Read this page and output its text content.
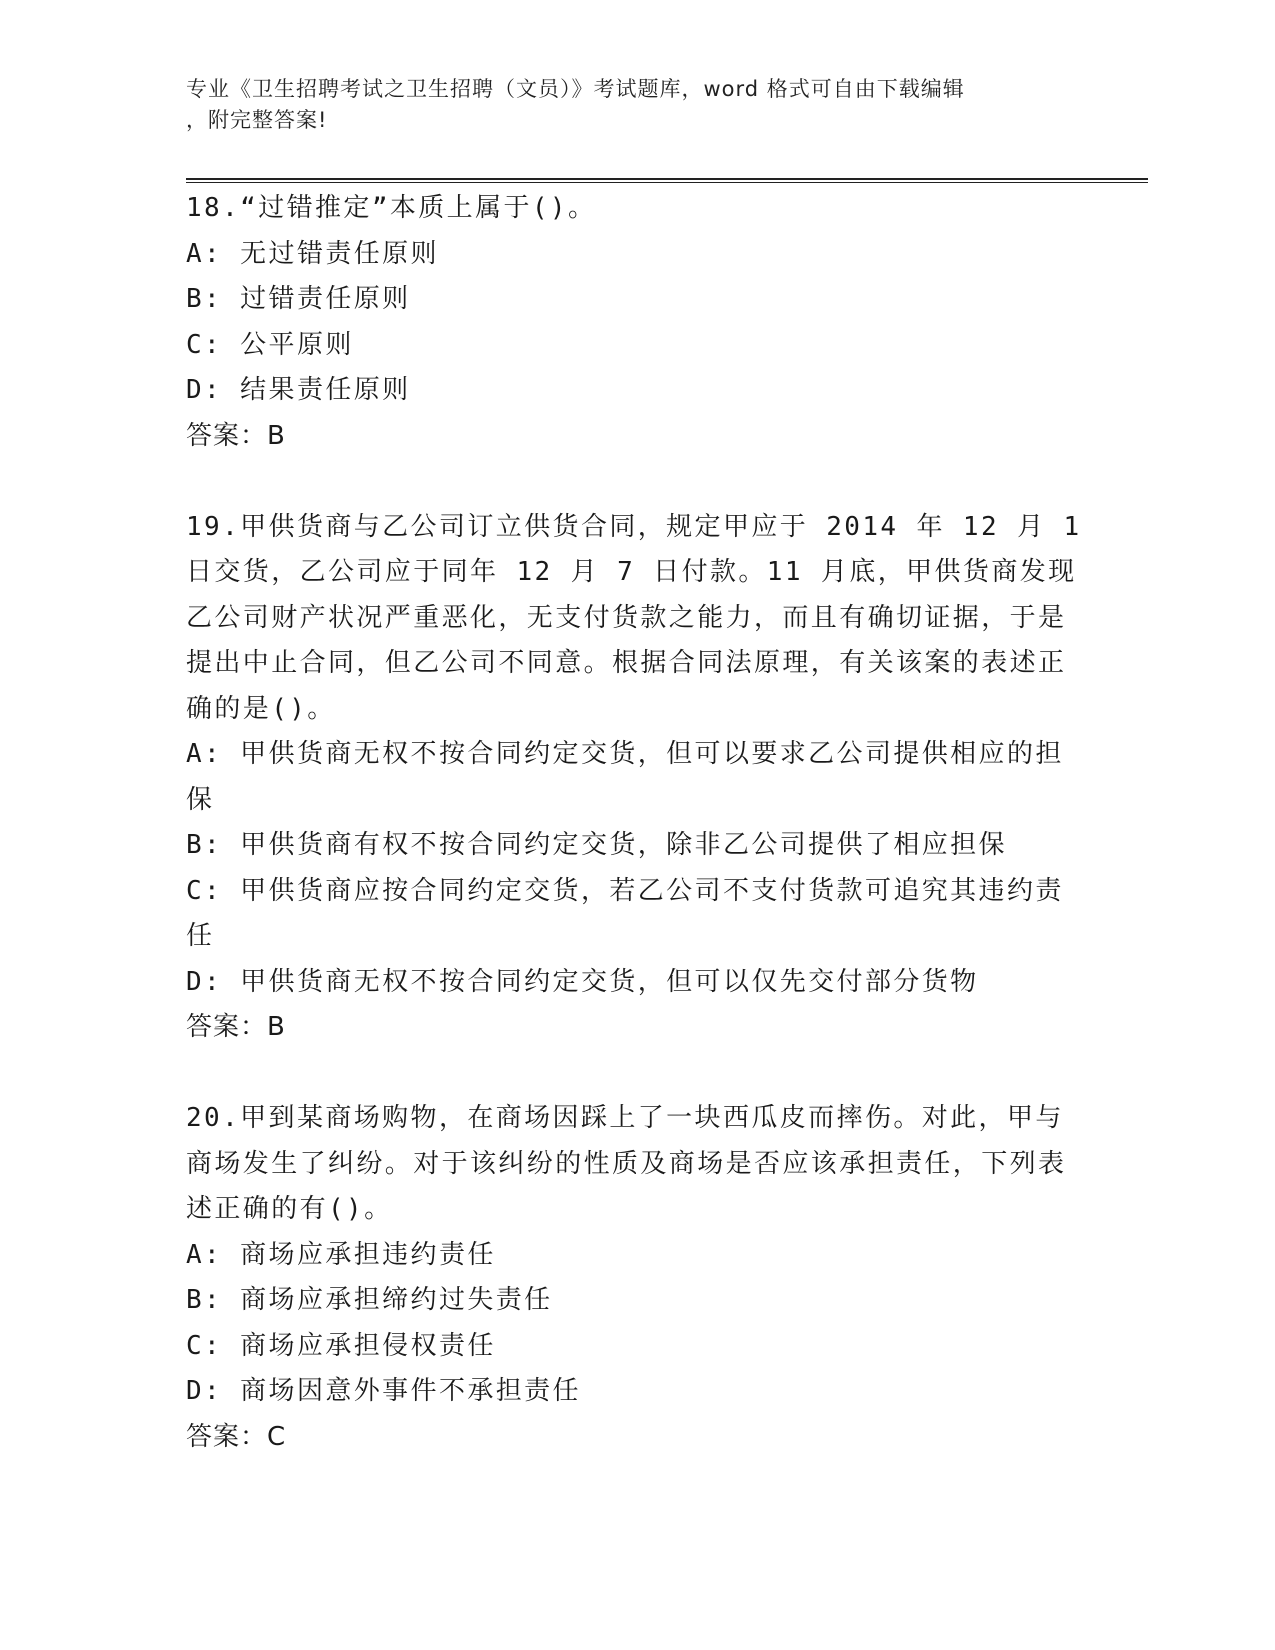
专业《卫生招聘考试之卫生招聘（文员）》考试题库，word 格式可自由下载编辑
，附完整答案!

18.“过错推定”本质上属于()。

A: 无过错责任原则

B: 过错责任原则

C: 公平原则

D: 结果责任原则

答案：B

19.甲供货商与乙公司订立供货合同，规定甲应于 2014 年 12 月 1 日交货，乙公司应于同年 12 月 7 日付款。11 月底，甲供货商发现乙公司财产状况严重恶化，无支付货款之能力，而且有确切证据，于是提出中止合同，但乙公司不同意。根据合同法原理，有关该案的表述正确的是()。

A: 甲供货商无权不按合同约定交货，但可以要求乙公司提供相应的担保

B: 甲供货商有权不按合同约定交货，除非乙公司提供了相应担保

C: 甲供货商应按合同约定交货，若乙公司不支付货款可追究其违约责任

D: 甲供货商无权不按合同约定交货，但可以仅先交付部分货物

答案：B

20.甲到某商场购物，在商场因踩上了一块西瓜皮而摔伤。对此，甲与商场发生了纠纷。对于该纠纷的性质及商场是否应该承担责任，下列表述正确的有()。

A: 商场应承担违约责任

B: 商场应承担缔约过失责任

C: 商场应承担侵权责任

D: 商场因意外事件不承担责任

答案：C
